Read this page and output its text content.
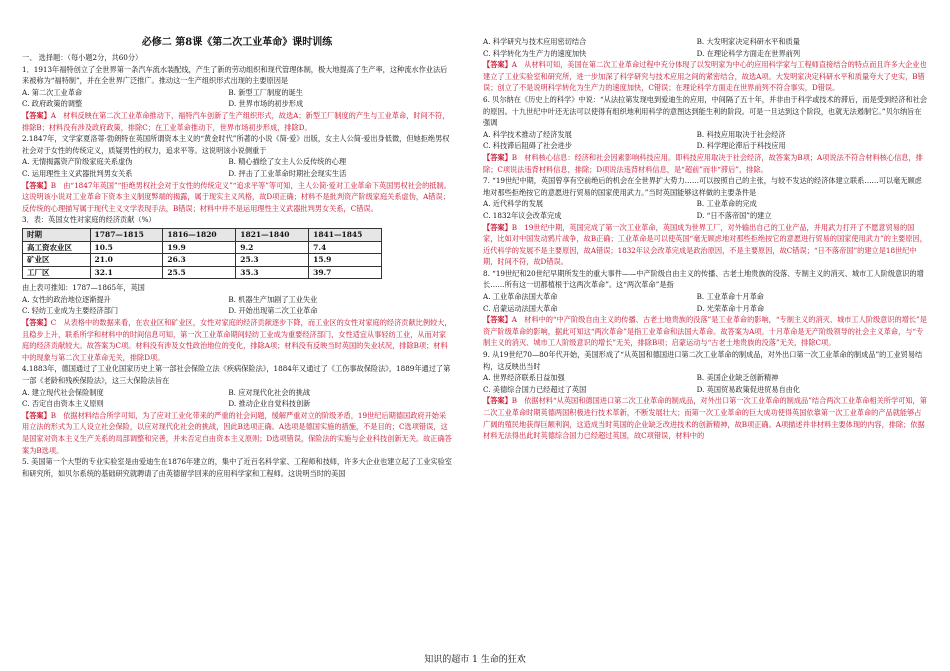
必修二 第8课《第二次工业革命》课时训练

一、 选择题：（每小题2分，共60分）

1．1913年福特创立了全世界第一条汽车流水装配线，产生了新的劳动组织和现代管理体制，极大地提高了生产率，这种流水作业法后来被称为“福特制”，并在全世界广泛推广。推动这一生产组织形式出现的主要原因是

A. 第二次工业革命	B. 新型工厂制度的诞生
C. 政府政策的调整	D. 世界市场的初步形成

【答案】A　材料反映在第二次工业革命推动下，福特汽车创新了生产组织形式，故选A；新型工厂制度的产生与工业革命，时间不符，排除B；材料没有涉及政府政策，排除C；在工业革命推动下，世界市场初步形成，排除D。

2.1847年，文学家夏洛蒂·勃朗特在英国所谓资本主义的“黄金时代”所著的小说《简·爱》出版，女主人公简·爱出身低微，但她拒绝男权社会对于女性的传统定义，质疑男性的权力，追求平等。这说明该小说侧重于

A. 无情揭露资产阶级家庭关系虚伪	B. 精心描绘了女主人公反传统的心理
C. 运用理性主义武器批判男女关系	D. 抨击了工业革命时期社会现实生活

【答案】B　由“1847年英国”“拒绝男权社会对于女性的传统定义”“追求平等”等可知，主人公简·爱对工业革命下英国男权社会的抵制。这说明该小说对工业革命下资本主义制度弊端的揭露，属于现实主义风格，故D项正确；材料不是批判资产阶级家庭关系虚伪，A错误；反传统的心理描写属于现代主义文学表现手法，B错误；材料中并不是运用理性主义武器批判男女关系，C错误。

3．表：英国女性对家庭的经济贡献（%）

时期	1787—1815	1816—1820	1821—1840	1841—1845
高工资农业区	10.5	19.9	9.2	7.4
矿业区	21.0	26.3	25.3	15.9
工厂区	32.1	25.5	35.3	39.7

由上表可推知：1787—1865年，英国

A. 女性的政治地位逐渐提升	B. 机器生产加剧了工业失业
C. 轻纺工业成为主要经济部门	D. 开始出现第二次工业革命

【答案】C　从表格中的数据来看，在农业区和矿业区，女性对家庭的经济贡献逐步下降，而工业区的女性对家庭的经济贡献比例较大，且稳步上升，联系所学和材料中的时间信息可知，第一次工业革命期间轻纺工业成为重要经济部门，女性适宜从事轻纺工业，从而对家庭的经济贡献较大。故答案为C项。材料没有涉及女性政治地位的变化，排除A项；材料没有反映当时英国的失业状况，排除B项；材料中的现象与第二次工业革命无关，排除D项。

4.1883年，德国通过了工业化国家历史上第一部社会保险立法《疾病保险法》，1884年又通过了《工伤事故保险法》，1889年通过了第一部《老龄和残疾保险法》，这三大保险法旨在

A. 建立现代社会保险制度	B. 应对现代化社会的挑战
C. 否定自由资本主义原则	D. 推动企业自觉科技创新

【答案】B　依据材料结合所学可知，为了应对工业化带来的严重的社会问题，缓解严重对立的阶级矛盾，19世纪后期德国政府开始采用立法的形式为工人设立社会保险，以应对现代化社会的挑战，因此B选项正确。A选项是德国实施的措施，不是目的；C选项错误，这是国家对资本主义生产关系的局部调整和完善，并未否定自由资本主义原则；D选项错误，保险法的实施与企业科技创新无关。故正确答案为B选项。

5. 美国第一个大型的专业实验室是由爱迪生在1876年建立的，集中了近百名科学家、工程师和技师，许多大企业也建立起了工业实验室和研究所，如贝尔系统的基础研究就聘请了由英德留学回来的应用科学家和工程师。这说明当时的美国

A. 科学研究与技术应用密切结合	B. 大发明家决定科研水平和质量
C. 科学转化为生产力的速度加快	D. 在理论科学方面走在世界前列

【答案】A　从材料可知，美国在第二次工业革命过程中充分体现了以发明家为中心的应用科学家与工程师直接结合的特点而且许多大企业也建立了工业实验室和研究所，进一步加深了科学研究与技术应用之间的紧密结合，故选A项。大发明家决定科研水平和质量夸大了史实，B错误；创立了不是说明科学转化为生产力的速度加快，C错误；在理论科学方面走在世界前列不符合事实，D错误。

6. 贝尔纳在《历史上的科学》中说：“从法拉第发现电到爱迪生的应用，中间隔了五十年，并非由于科学或技术的滞后，而是受到经济和社会的原因。十九世纪中叶还无法可以使得有组织地利用科学的意图达到能生利的阶段。可是一旦达到这个阶段，也就无法遏制它。”贝尔纳旨在强调

A. 科学技术推动了经济发展	B. 科技应用取决于社会经济
C. 科技滞后阻碍了社会进步	D. 科学理论滞后于科技应用

【答案】B　材料核心信息：经济和社会因素影响科技应用。即科技应用取决于社会经济，故答案为B项；A项说法不符合材料核心信息，排除；C项说法违背材料信息，排除；D项说法违背材料信息，是“超前”而非“滞后”，排除。

7. “19世纪中期，英国曾享有空前绝后的机会在全世界扩大势力……可以按照自己的主张，与较不发达的经济体建立联系……可以毫无顾虑地对那些拒绝按它的意愿进行贸易的国家使用武力。”当时英国能够这样做的主要条件是

A. 近代科学的发展	B. 工业革命的完成
C. 1832年议会改革完成	D. “日不落帝国”的建立

【答案】B　19世纪中期，英国完成了第一次工业革命，英国成为世界工厂，对外输出自己的工业产品，并用武力打开了不愿意贸易的国家，比如对中国发动鸦片战争，故B正确；工业革命是可以使英国“毫无顾虑地对那些拒绝按它的意愿进行贸易的国家使用武力”的主要原因，近代科学的发展不是主要原因，故A错误；1832年议会改革完成是政治原因，不是主要原因，故C错误；“日不落帝国”的建立是18世纪中期，时间不符，故D错误。

8. “19世纪和20世纪早期所发生的重大事件——中产阶级自由主义的传播、古老土地贵族的没落、专制主义的消灭、城市工人阶级意识的增长……所有这一切都植根于这两次革命”。这“两次革命”是指

A. 工业革命法国大革命	B. 工业革命十月革命
C. 启蒙运动法国大革命	D. 光荣革命十月革命

【答案】A　材料中的“中产阶级自由主义的传播、古老土地贵族的没落”是工业革命的影响，“专制主义的消灭、城市工人阶级意识的增长”是资产阶级革命的影响，据此可知这“两次革命”是指工业革命和法国大革命。故答案为A项。十月革命是无产阶级领导的社会主义革命，与“专制主义的消灭、城市工人阶级意识的增长”无关，排除B项；启蒙运动与“古老土地贵族的没落”无关，排除C项。

9. 从19世纪70—80年代开始，美国形成了“从英国和德国进口第二次工业革命的制成品，对外出口第一次工业革命的制成品”的工业贸易结构，这反映出当时

A. 世界经济联系日益加强	B. 美国企业缺乏创新精神
C. 美德综合国力已经超过了英国	D. 英国贸易政策促进贸易自由化

【答案】B　依据材料“从英国和德国进口第二次工业革命的制成品，对外出口第一次工业革命的制成品”结合两次工业革命相关所学可知，第二次工业革命时期英德两国积极进行技术革新，不断发展壮大；而第一次工业革命的巨大成功使得英国依靠第一次工业革命的产品就能够占广阔的殖民地获得巨额利润，这造成当时英国的企业缺乏改进技术的创新精神，故B项正确。A项描述并非材料主要体现的内容，排除；依据材料无法得出此时英德综合国力已经超过英国，故C项错误，材料中的

知识的超市 1 生命的狂欢
